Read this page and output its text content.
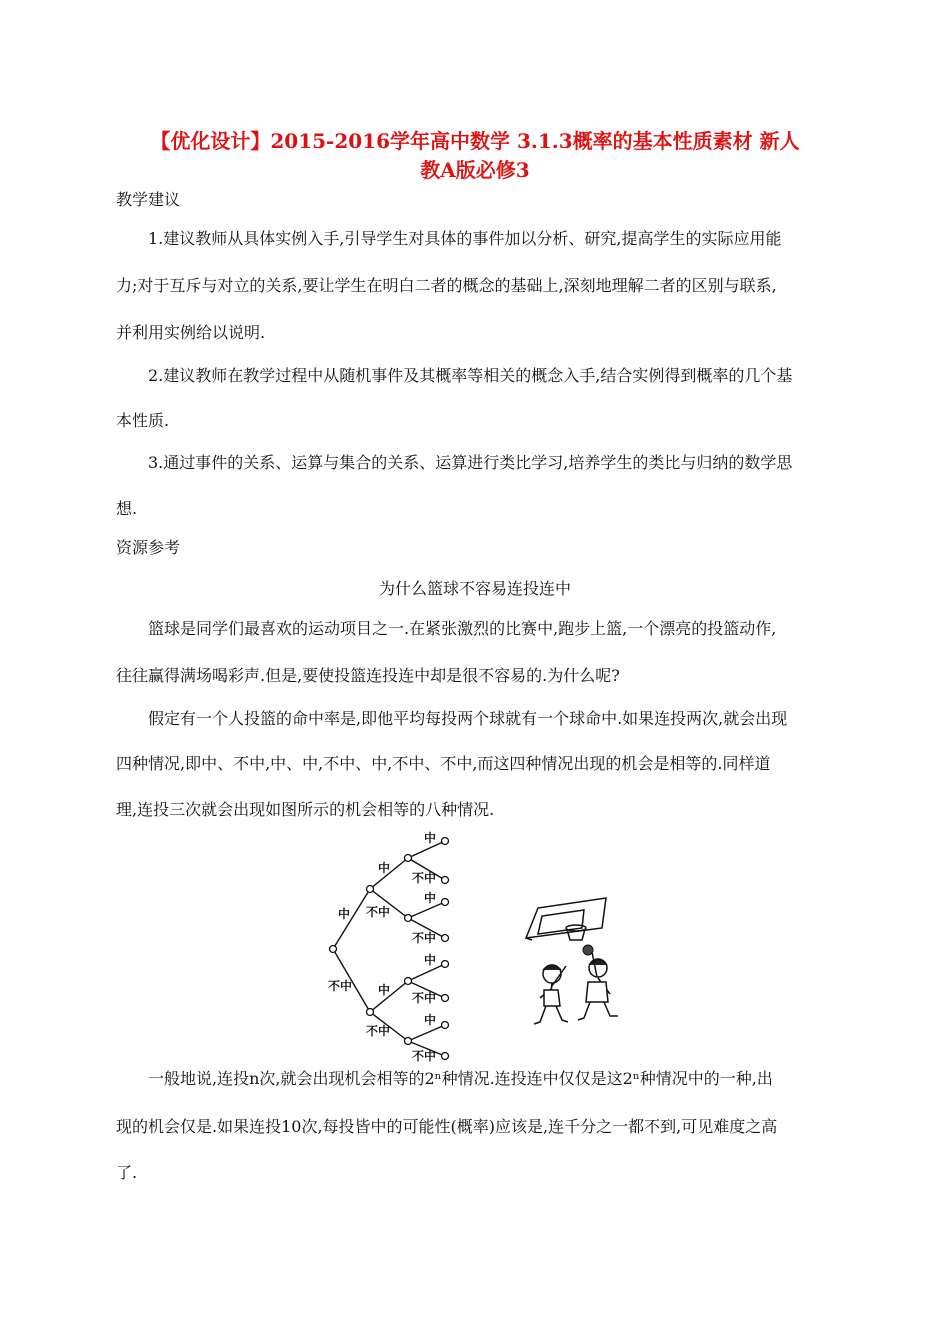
【优化设计】2015-2016学年高中数学 3.1.3概率的基本性质素材 新人
教A版必修3
教学建议
1.建议教师从具体实例入手,引导学生对具体的事件加以分析、研究,提高学生的实际应用能
力;对于互斥与对立的关系,要让学生在明白二者的概念的基础上,深刻地理解二者的区别与联系,
并利用实例给以说明.
2.建议教师在教学过程中从随机事件及其概率等相关的概念入手,结合实例得到概率的几个基
本性质.
3.通过事件的关系、运算与集合的关系、运算进行类比学习,培养学生的类比与归纳的数学思
想.
资源参考
为什么篮球不容易连投连中
篮球是同学们最喜欢的运动项目之一.在紧张激烈的比赛中,跑步上篮,一个漂亮的投篮动作,
往往赢得满场喝彩声.但是,要使投篮连投连中却是很不容易的.为什么呢?
假定有一个人投篮的命中率是,即他平均每投两个球就有一个球命中.如果连投两次,就会出现
四种情况,即中、不中,中、中,不中、中,不中、不中,而这四种情况出现的机会是相等的.同样道
理,连投三次就会出现如图所示的机会相等的八种情况.
中
不中
中
不中
中
不中
中
不中
中
不中
中
不中
中
不中
一般地说,连投n次,就会出现机会相等的2ⁿ种情况.连投连中仅仅是这2ⁿ种情况中的一种,出
现的机会仅是.如果连投10次,每投皆中的可能性(概率)应该是,连千分之一都不到,可见难度之高
了.
